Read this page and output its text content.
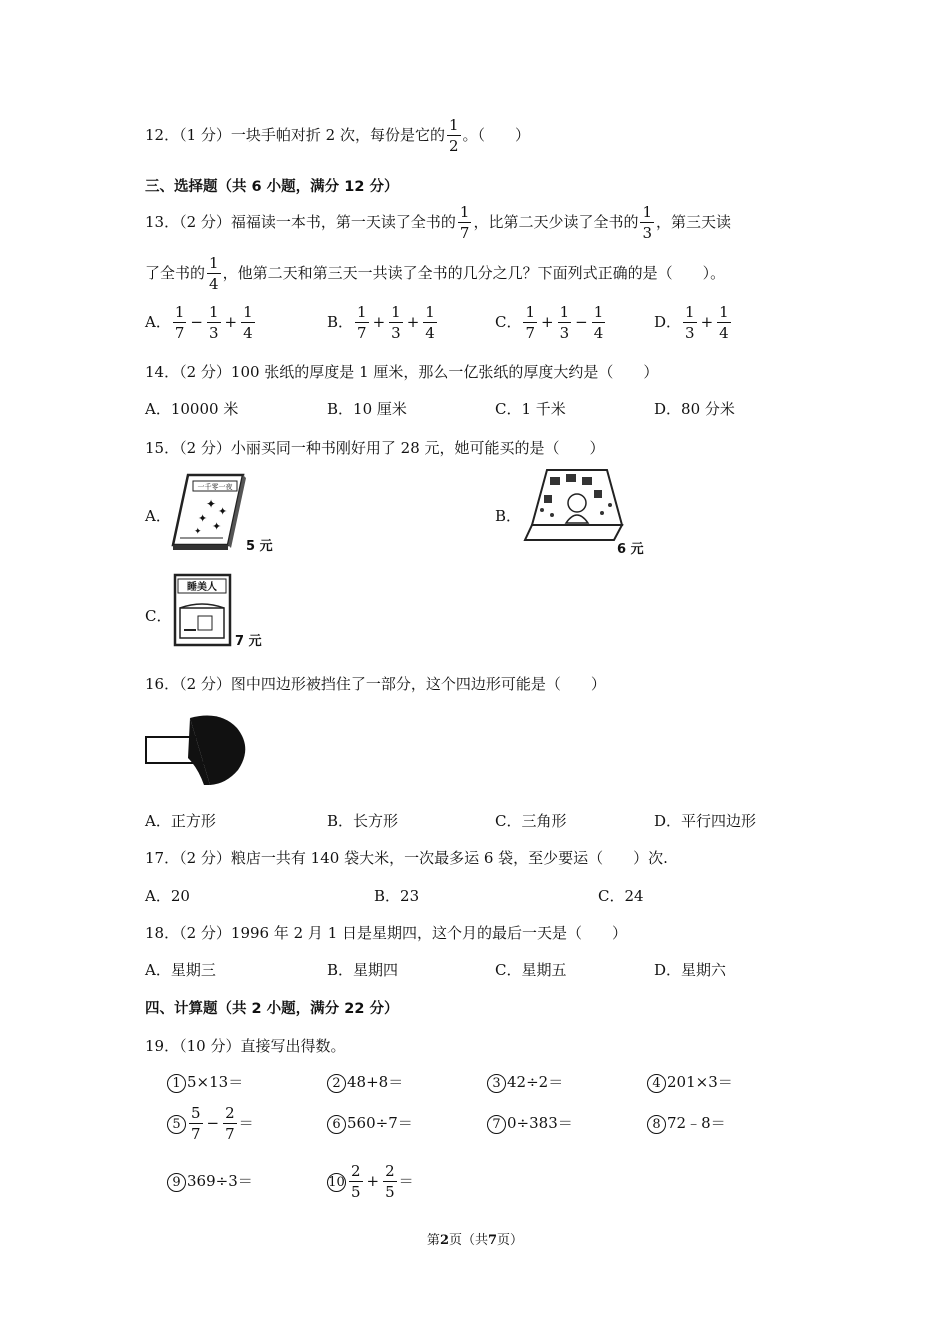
12．（1 分）一块手帕对折 2 次，每份是它的 $\frac{1}{2}$ 。（　　）
三、选择题（共 6 小题，满分 12 分）
13．（2 分）福福读一本书，第一天读了全书的 $\frac{1}{7}$ ，比第二天少读了全书的 $\frac{1}{3}$ ，第三天读
了全书的 $\frac{1}{4}$ ，他第二天和第三天一共读了全书的几分之几？下面列式正确的是（　　）。
A． $\frac{1}{7} - \frac{1}{3} + \frac{1}{4}$	B． $\frac{1}{7} + \frac{1}{3} + \frac{1}{4}$	C． $\frac{1}{7} + \frac{1}{3} - \frac{1}{4}$	D． $\frac{1}{3} + \frac{1}{4}$
14．（2 分）100 张纸的厚度是 1 厘米，那么一亿张纸的厚度大约是（　　）
A．10000 米	B．10 厘米	C．1 千米	D．80 分米
15．（2 分）小丽买同一种书刚好用了 28 元，她可能买的是（　　）
A．	B．
C．
一千零一夜
✦
✦
✦
✦
✦
5 元	6 元
睡美人
7 元
16．（2 分）图中四边形被挡住了一部分，这个四边形可能是（　　）
A．正方形	B．长方形	C．三角形	D．平行四边形
17．（2 分）粮店一共有 140 袋大米，一次最多运 6 袋，至少要运（　　）次.
A．20	B．23	C．24
18．（2 分）1996 年 2 月 1 日是星期四，这个月的最后一天是（　　）
A．星期三	B．星期四	C．星期五	D．星期六
四、计算题（共 2 小题，满分 22 分）
19．（10 分）直接写出得数。
1 5×13＝	2 48+8＝	3 42÷2＝	4 201×3＝
$5 \frac{5}{7} - \frac{2}{7}$ ＝	6 560÷7＝	7 0÷383＝	8 72﹣8＝
9 369÷3＝	$10 \frac{2}{5} + \frac{2}{5}$ ＝
第2页（共7页）
